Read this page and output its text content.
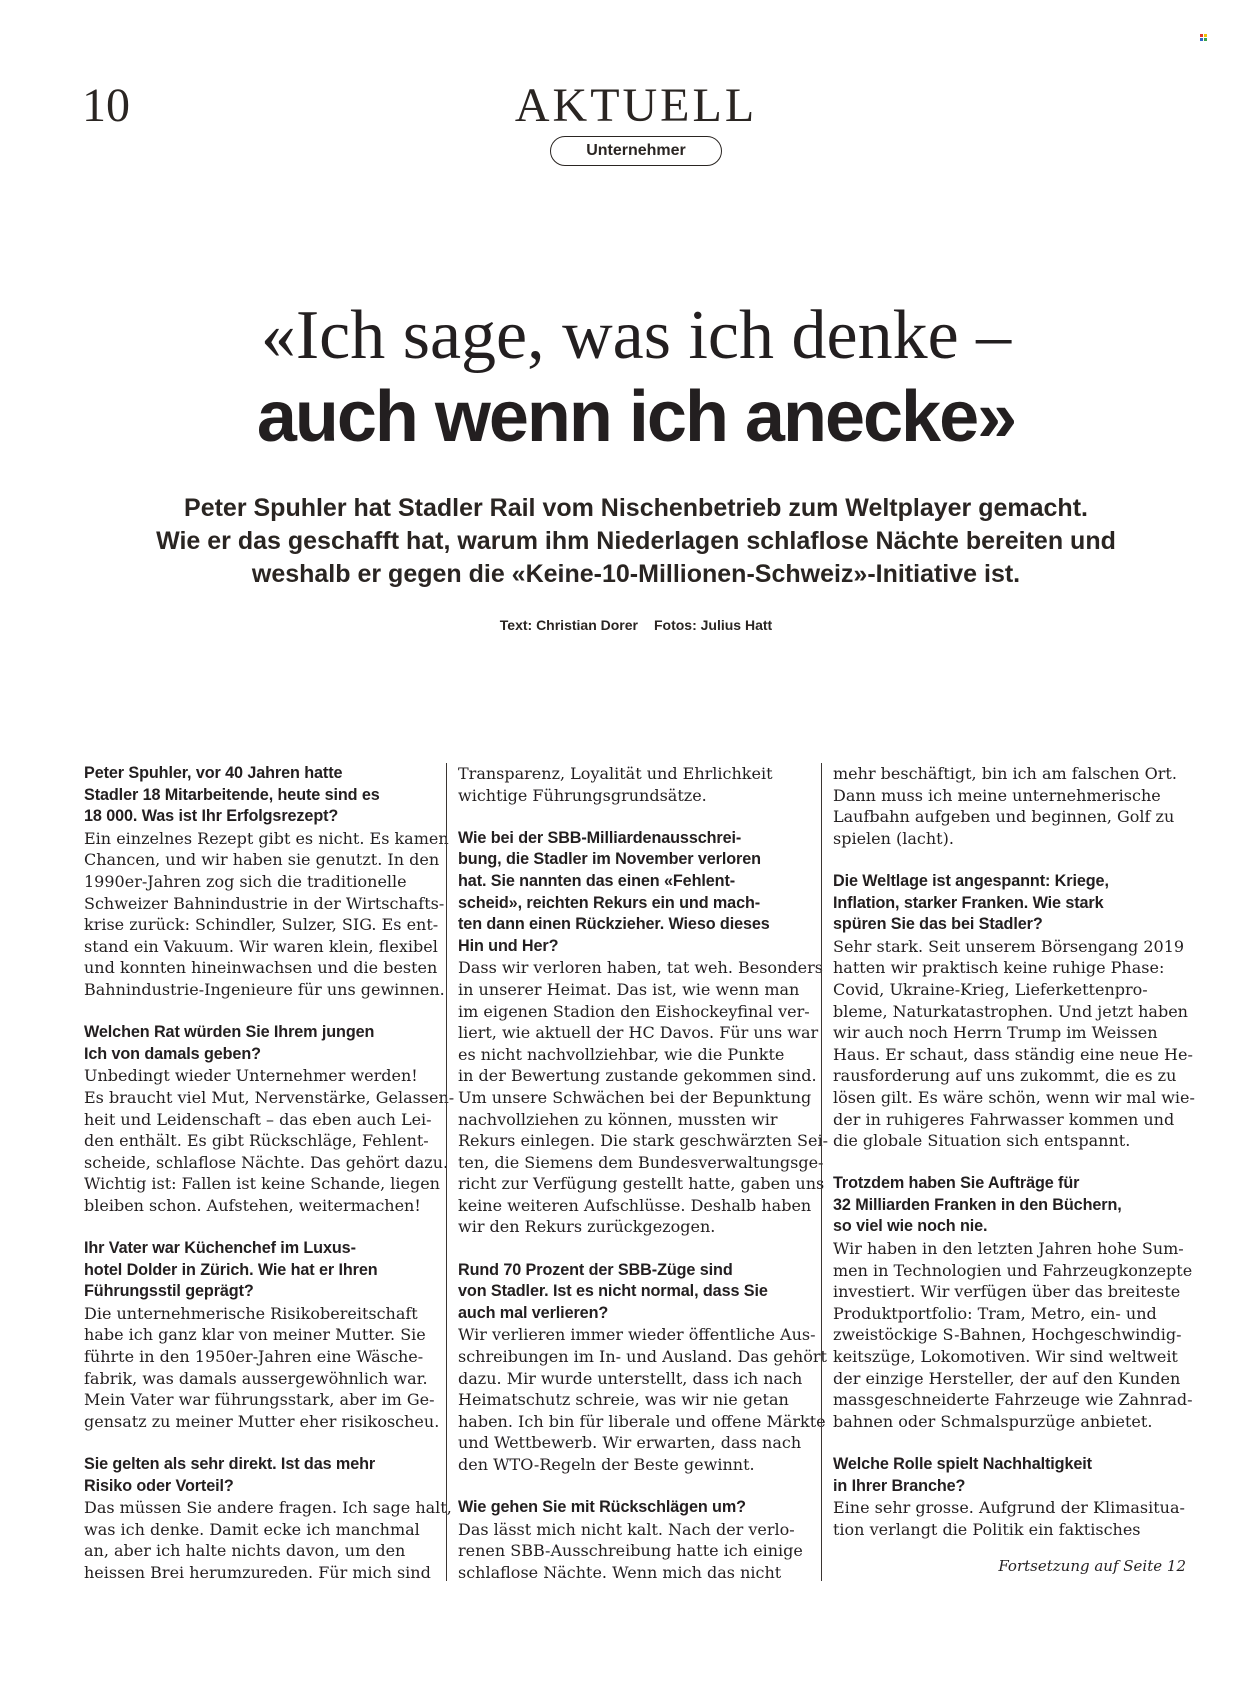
10	AKTUELL
Unternehmer
«Ich sage, was ich denke –
auch wenn ich anecke»
Peter Spuhler hat Stadler Rail vom Nischenbetrieb zum Weltplayer gemacht.
Wie er das geschafft hat, warum ihm Niederlagen schlaflose Nächte bereiten und
weshalb er gegen die «Keine-10-Millionen-Schweiz»-Initiative ist.
Text: Christian Dorer Fotos: Julius Hatt

Peter Spuhler, vor 40 Jahren hatte
Stadler 18 Mitarbeitende, heute sind es
18 000. Was ist Ihr Erfolgsrezept?

Ein einzelnes Rezept gibt es nicht. Es kamen
Chancen, und wir haben sie genutzt. In den
1990er-Jahren zog sich die traditionelle
Schweizer Bahnindustrie in der Wirtschafts-
krise zurück: Schindler, Sulzer, SIG. Es ent-
stand ein Vakuum. Wir waren klein, flexibel
und konnten hineinwachsen und die besten
Bahnindustrie-Ingenieure für uns gewinnen.

Welchen Rat würden Sie Ihrem jungen
Ich von damals geben?

Unbedingt wieder Unternehmer werden!
Es braucht viel Mut, Nervenstärke, Gelassen-
heit und Leidenschaft – das eben auch Lei-
den enthält. Es gibt Rückschläge, Fehlent-
scheide, schlaflose Nächte. Das gehört dazu.
Wichtig ist: Fallen ist keine Schande, liegen
bleiben schon. Aufstehen, weitermachen!

Ihr Vater war Küchenchef im Luxus-
hotel Dolder in Zürich. Wie hat er Ihren
Führungsstil geprägt?

Die unternehmerische Risikobereitschaft
habe ich ganz klar von meiner Mutter. Sie
führte in den 1950er-Jahren eine Wäsche-
fabrik, was damals aussergewöhnlich war.
Mein Vater war führungsstark, aber im Ge-
gensatz zu meiner Mutter eher risikoscheu.

Sie gelten als sehr direkt. Ist das mehr
Risiko oder Vorteil?

Das müssen Sie andere fragen. Ich sage halt,
was ich denke. Damit ecke ich manchmal
an, aber ich halte nichts davon, um den
heissen Brei herumzureden. Für mich sind

Transparenz, Loyalität und Ehrlichkeit
wichtige Führungsgrundsätze.

Wie bei der SBB-Milliardenausschrei-
bung, die Stadler im November verloren
hat. Sie nannten das einen «Fehlent-
scheid», reichten Rekurs ein und mach-
ten dann einen Rückzieher. Wieso dieses
Hin und Her?

Dass wir verloren haben, tat weh. Besonders
in unserer Heimat. Das ist, wie wenn man
im eigenen Stadion den Eishockeyfinal ver-
liert, wie aktuell der HC Davos. Für uns war
es nicht nachvollziehbar, wie die Punkte
in der Bewertung zustande gekommen sind.
Um unsere Schwächen bei der Bepunktung
nachvollziehen zu können, mussten wir
Rekurs einlegen. Die stark geschwärzten Sei-
ten, die Siemens dem Bundesverwaltungsge-
richt zur Verfügung gestellt hatte, gaben uns
keine weiteren Aufschlüsse. Deshalb haben
wir den Rekurs zurückgezogen.

Rund 70 Prozent der SBB-Züge sind
von Stadler. Ist es nicht normal, dass Sie
auch mal verlieren?

Wir verlieren immer wieder öffentliche Aus-
schreibungen im In- und Ausland. Das gehört
dazu. Mir wurde unterstellt, dass ich nach
Heimatschutz schreie, was wir nie getan
haben. Ich bin für liberale und offene Märkte
und Wettbewerb. Wir erwarten, dass nach
den WTO-Regeln der Beste gewinnt.

Wie gehen Sie mit Rückschlägen um?

Das lässt mich nicht kalt. Nach der verlo-
renen SBB-Ausschreibung hatte ich einige
schlaflose Nächte. Wenn mich das nicht

mehr beschäftigt, bin ich am falschen Ort.
Dann muss ich meine unternehmerische
Laufbahn aufgeben und beginnen, Golf zu
spielen (lacht).

Die Weltlage ist angespannt: Kriege,
Inflation, starker Franken. Wie stark
spüren Sie das bei Stadler?

Sehr stark. Seit unserem Börsengang 2019
hatten wir praktisch keine ruhige Phase:
Covid, Ukraine-Krieg, Lieferkettenpro-
bleme, Naturkatastrophen. Und jetzt haben
wir auch noch Herrn Trump im Weissen
Haus. Er schaut, dass ständig eine neue He-
rausforderung auf uns zukommt, die es zu
lösen gilt. Es wäre schön, wenn wir mal wie-
der in ruhigeres Fahrwasser kommen und
die globale Situation sich entspannt.

Trotzdem haben Sie Aufträge für
32 Milliarden Franken in den Büchern,
so viel wie noch nie.

Wir haben in den letzten Jahren hohe Sum-
men in Technologien und Fahrzeugkonzepte
investiert. Wir verfügen über das breiteste
Produktportfolio: Tram, Metro, ein- und
zweistöckige S-Bahnen, Hochgeschwindig-
keitszüge, Lokomotiven. Wir sind weltweit
der einzige Hersteller, der auf den Kunden
massgeschneiderte Fahrzeuge wie Zahnrad-
bahnen oder Schmalspurzüge anbietet.

Welche Rolle spielt Nachhaltigkeit
in Ihrer Branche?

Eine sehr grosse. Aufgrund der Klimasitua-
tion verlangt die Politik ein faktisches

Fortsetzung auf Seite 12
